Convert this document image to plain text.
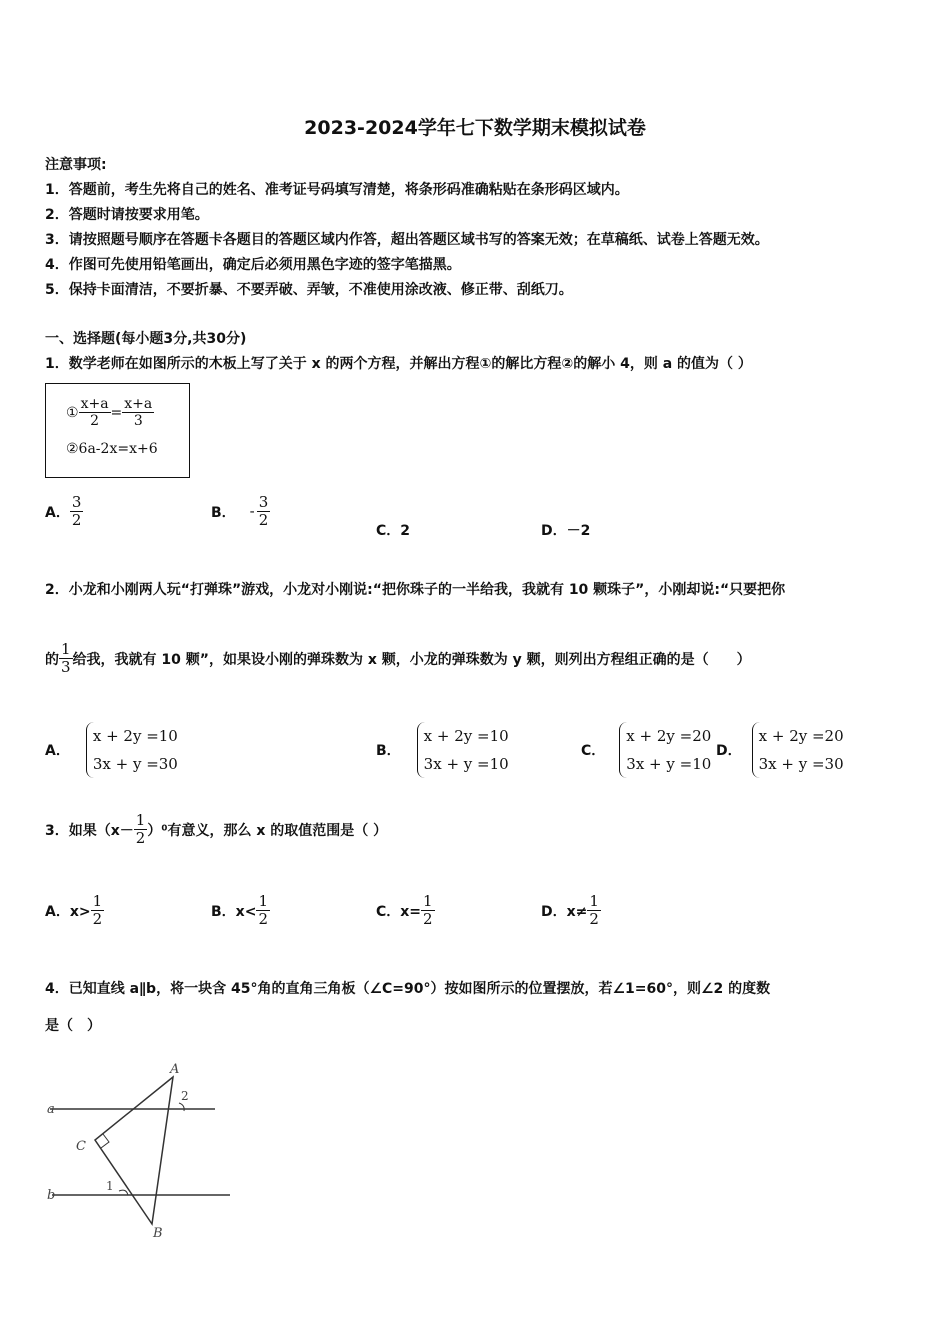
2023-2024学年七下数学期末模拟试卷
注意事项:
1．答题前，考生先将自己的姓名、准考证号码填写清楚，将条形码准确粘贴在条形码区域内。
2．答题时请按要求用笔。
3．请按照题号顺序在答题卡各题目的答题区域内作答，超出答题区域书写的答案无效；在草稿纸、试卷上答题无效。
4．作图可先使用铅笔画出，确定后必须用黑色字迹的签字笔描黑。
5．保持卡面清洁，不要折暴、不要弄破、弄皱，不准使用涂改液、修正带、刮纸刀。
一、选择题(每小题3分,共30分)
1．数学老师在如图所示的木板上写了关于 x 的两个方程，并解出方程①的解比方程②的解小 4，则 a 的值为（ ）
① $\frac{x+a}{2} = \frac{x+a}{3}$
②6a-2x=x+6
A． $\frac{3}{2}$	B． - $\frac{3}{2}$
C．2	D．－2
2．小龙和小刚两人玩“打弹珠”游戏，小龙对小刚说:“把你珠子的一半给我，我就有 10 颗珠子”，小刚却说:“只要把你
的 $\frac{1}{3}$ 给我，我就有 10 颗”，如果设小刚的弹珠数为 x 颗，小龙的弹珠数为 y 颗，则列出方程组正确的是（　　）
A．
x + 2y =10
3x + y =30
B．
x + 2y =10
3x + y =10
C．
x + 2y =20
3x + y =10
D．
x + 2y =20
3x + y =30
3．如果$(x- \frac{1}{2} )^0$有意义，那么 x 的取值范围是（ ）
A．$x> \frac{1}{2}$	B．$x< \frac{1}{2}$	C．$x= \frac{1}{2}$	D．$x\ne \frac{1}{2}$
4．已知直线 a∥b，将一块含 45°角的直角三角板（∠C=90°）按如图所示的位置摆放，若∠1=60°，则∠2 的度数
是（　）
a
b
A
B
C
1
2
